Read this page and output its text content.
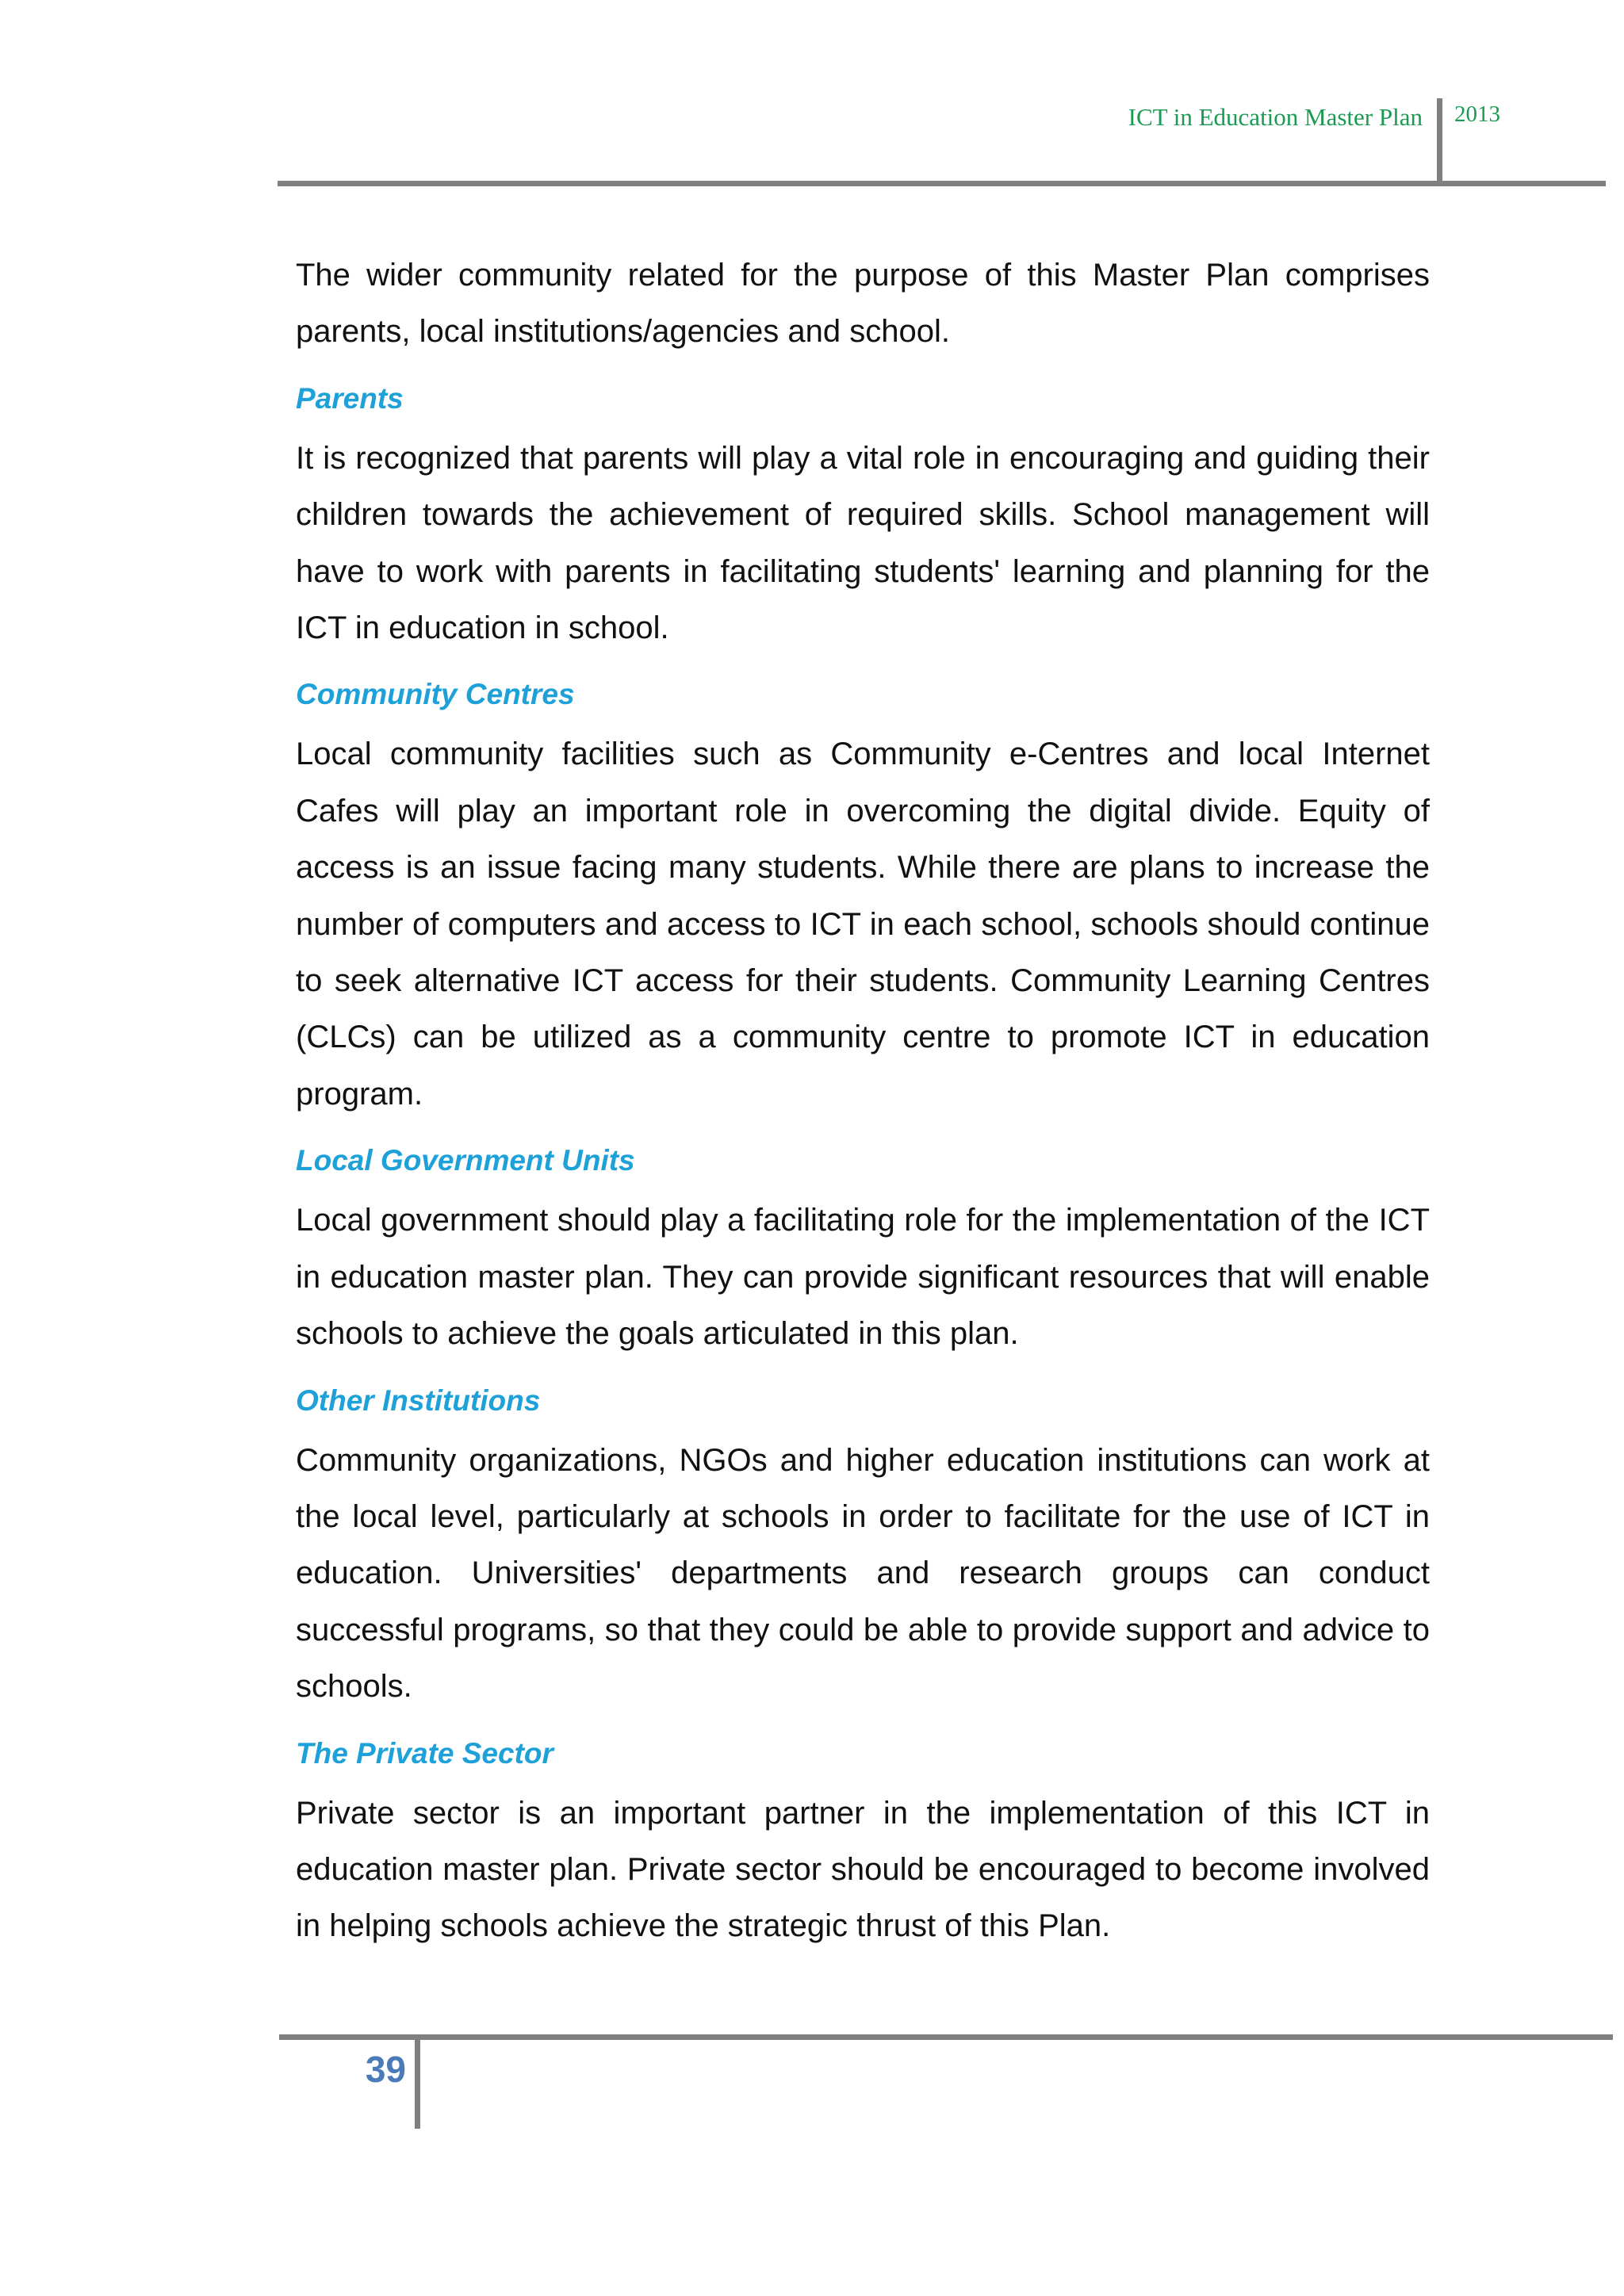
ICT in Education Master Plan 2013

The wider community related for the purpose of this Master Plan comprises parents, local institutions/agencies and school.

Parents

It is recognized that parents will play a vital role in encouraging and guiding their children towards the achievement of required skills. School management will have to work with parents in facilitating students' learning and planning for the ICT in education in school.

Community Centres

Local community facilities such as Community e-Centres and local Internet Cafes will play an important role in overcoming the digital divide. Equity of access is an issue facing many students. While there are plans to increase the number of computers and access to ICT in each school, schools should continue to seek alternative ICT access for their students. Community Learning Centres (CLCs) can be utilized as a community centre to promote ICT in education program.

Local Government Units

Local government should play a facilitating role for the implementation of the ICT in education master plan. They can provide significant resources that will enable schools to achieve the goals articulated in this plan.

Other Institutions

Community organizations, NGOs and higher education institutions can work at the local level, particularly at schools in order to facilitate for the use of ICT in education. Universities' departments and research groups can conduct successful programs, so that they could be able to provide support and advice to schools.

The Private Sector

Private sector is an important partner in the implementation of this ICT in education master plan. Private sector should be encouraged to become involved in helping schools achieve the strategic thrust of this Plan.

39
